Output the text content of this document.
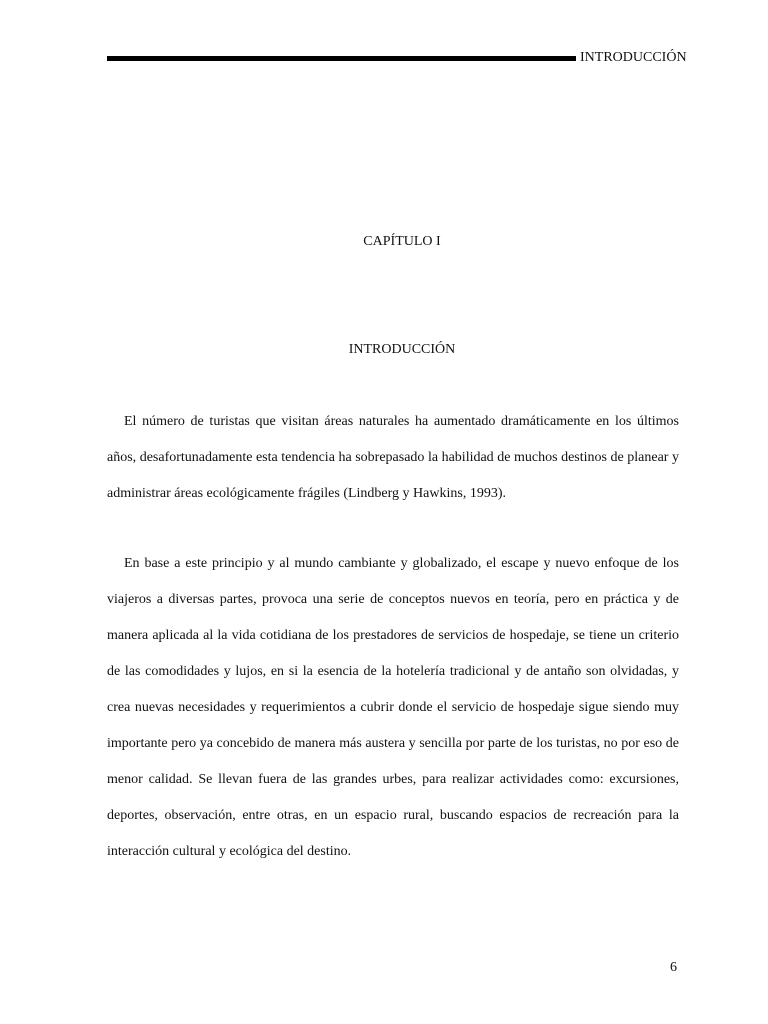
INTRODUCCIÓN
CAPÍTULO I
INTRODUCCIÓN

El número de turistas que visitan áreas naturales ha aumentado dramáticamente en los últimos años, desafortunadamente esta tendencia ha sobrepasado la habilidad de muchos destinos de planear y administrar áreas ecológicamente frágiles (Lindberg y Hawkins, 1993).

En base a este principio y al mundo cambiante y globalizado, el escape y nuevo enfoque de los viajeros a diversas partes, provoca una serie de conceptos nuevos en teoría, pero en práctica y de manera aplicada al la vida cotidiana de los prestadores de servicios de hospedaje, se tiene un criterio de las comodidades y lujos, en si la esencia de la hotelería tradicional y de antaño son olvidadas, y crea nuevas necesidades y requerimientos a cubrir donde el servicio de hospedaje sigue siendo muy importante pero ya concebido de manera más austera y sencilla por parte de los turistas, no por eso de menor calidad. Se llevan fuera de las grandes urbes, para realizar actividades como: excursiones, deportes, observación, entre otras, en un espacio rural, buscando espacios de recreación para la interacción cultural y ecológica del destino.

6
